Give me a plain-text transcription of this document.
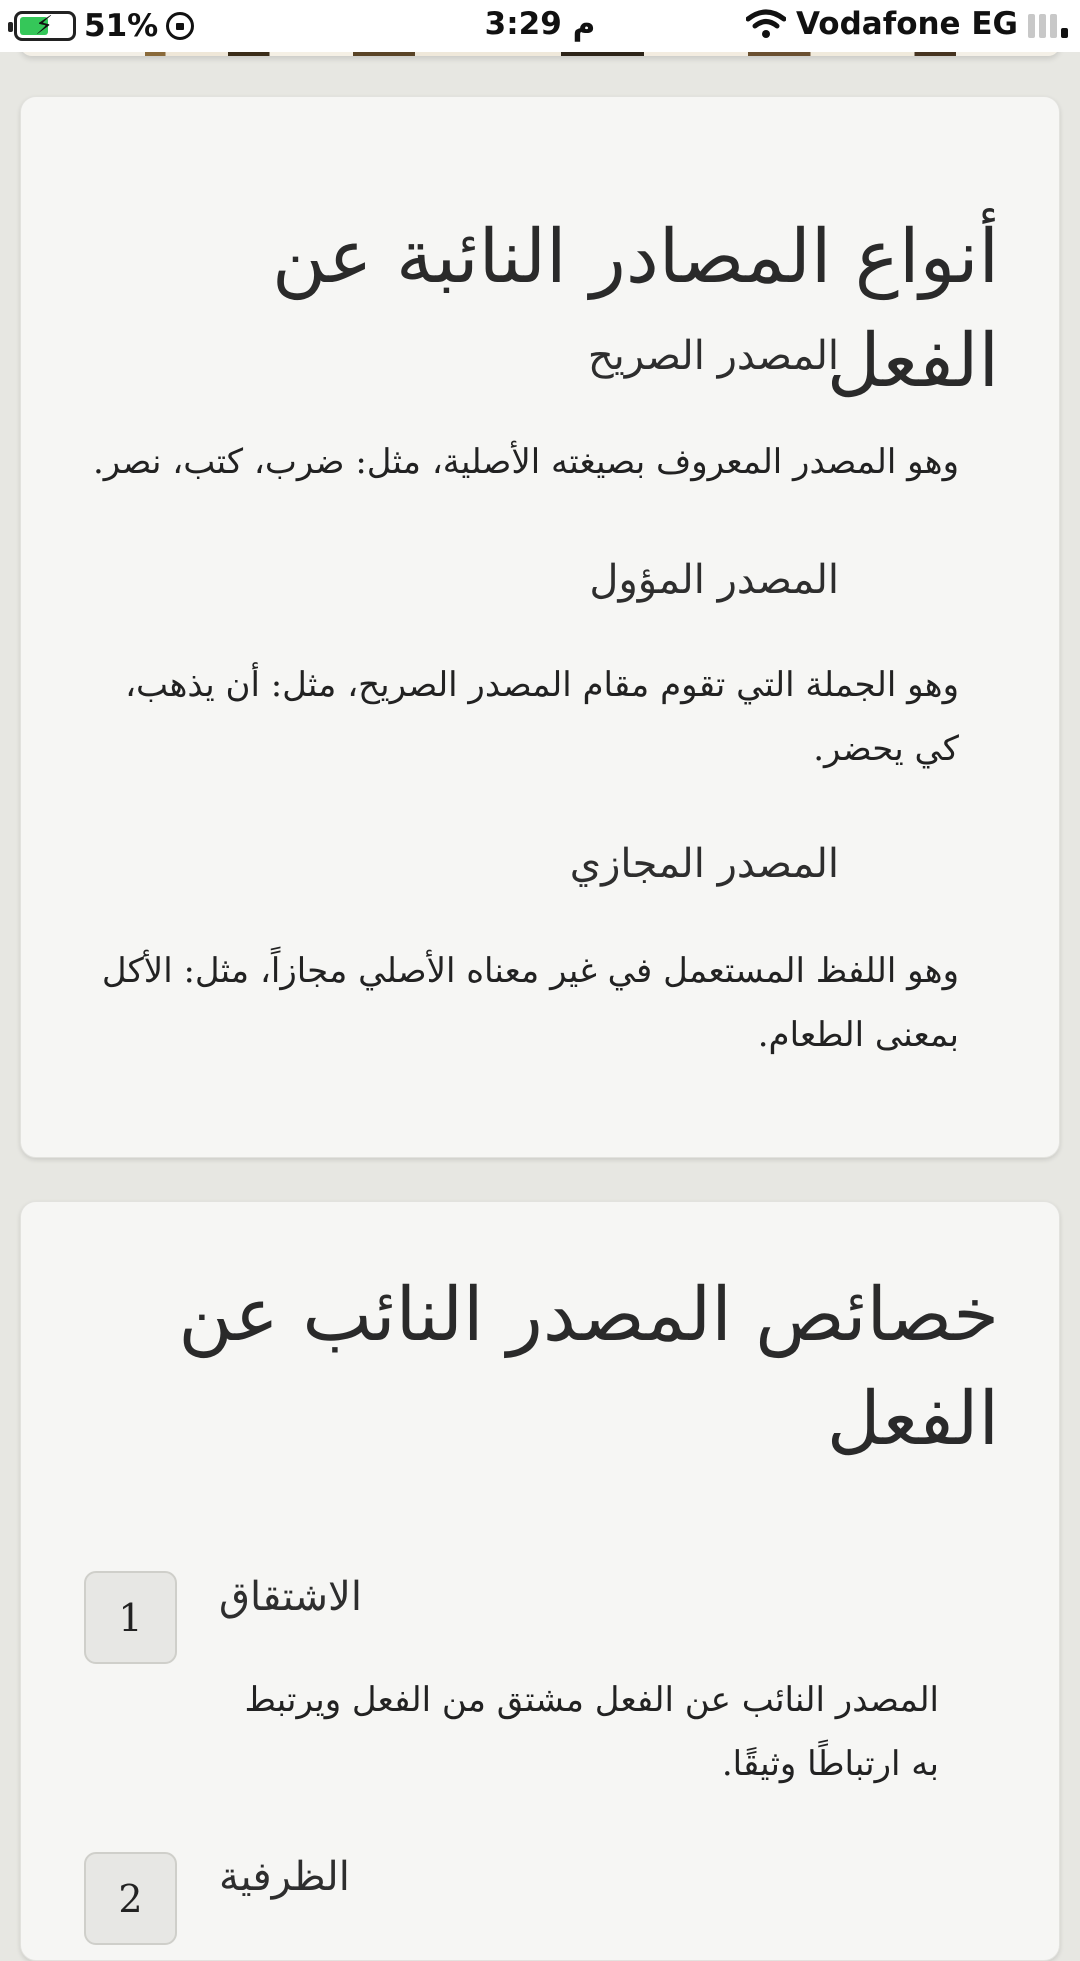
⚡ 51%	3:29 م	Vodafone EG
أنواع المصادر النائبة عن الفعل
المصدر الصريح

وهو المصدر المعروف بصيغته الأصلية، مثل: ضرب، كتب، نصر.

المصدر المؤول

وهو الجملة التي تقوم مقام المصدر الصريح، مثل: أن يذهب، كي يحضر.

المصدر المجازي

وهو اللفظ المستعمل في غير معناه الأصلي مجازاً، مثل: الأكل بمعنى الطعام.

خصائص المصدر النائب عن الفعل
1	الاشتقاق

المصدر النائب عن الفعل مشتق من الفعل ويرتبط به ارتباطًا وثيقًا.

2	الظرفية
